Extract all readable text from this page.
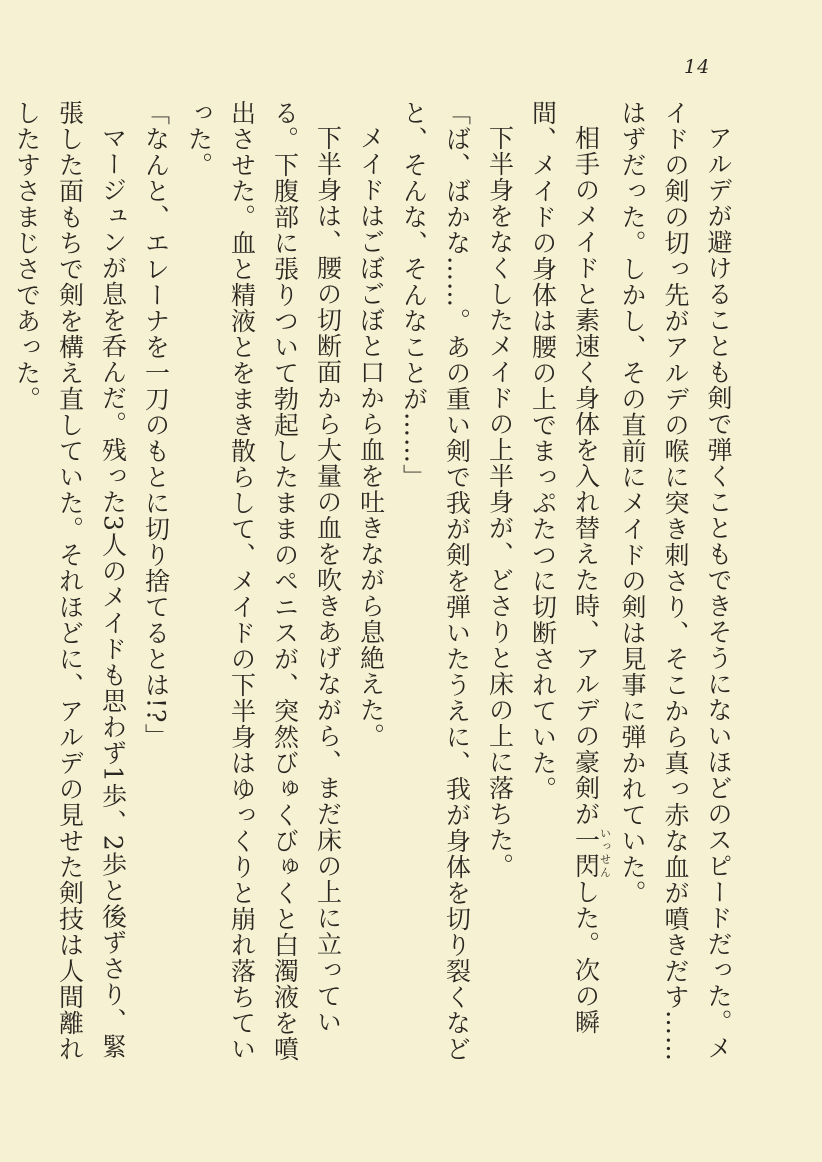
14

アルデが避けることも剣で弾くこともできそうにないほどのスピードだった。メイドの剣の切っ先がアルデの喉に突き刺さり、そこから真っ赤な血が噴きだす……はずだった。しかし、その直前にメイドの剣は見事に弾かれていた。

相手のメイドと素速く身体を入れ替えた時、アルデの豪剣が一閃いっせんした。次の瞬間、メイドの身体は腰の上でまっぷたつに切断されていた。

下半身をなくしたメイドの上半身が、どさりと床の上に落ちた。

「ば、ばかな……。あの重い剣で我が剣を弾いたうえに、我が身体を切り裂くなどと、そんな、そんなことが……」

メイドはごぼごぼと口から血を吐きながら息絶えた。

下半身は、腰の切断面から大量の血を吹きあげながら、まだ床の上に立っている。下腹部に張りついて勃起したままのペニスが、突然びゅくびゅくと白濁液を噴出させた。血と精液とをまき散らして、メイドの下半身はゆっくりと崩れ落ちていった。

「なんと、エレーナを一刀のもとに切り捨てるとは!?」

マージュンが息を呑んだ。残った3人のメイドも思わず1歩、2歩と後ずさり、緊張した面もちで剣を構え直していた。それほどに、アルデの見せた剣技は人間離れしたすさまじさであった。
